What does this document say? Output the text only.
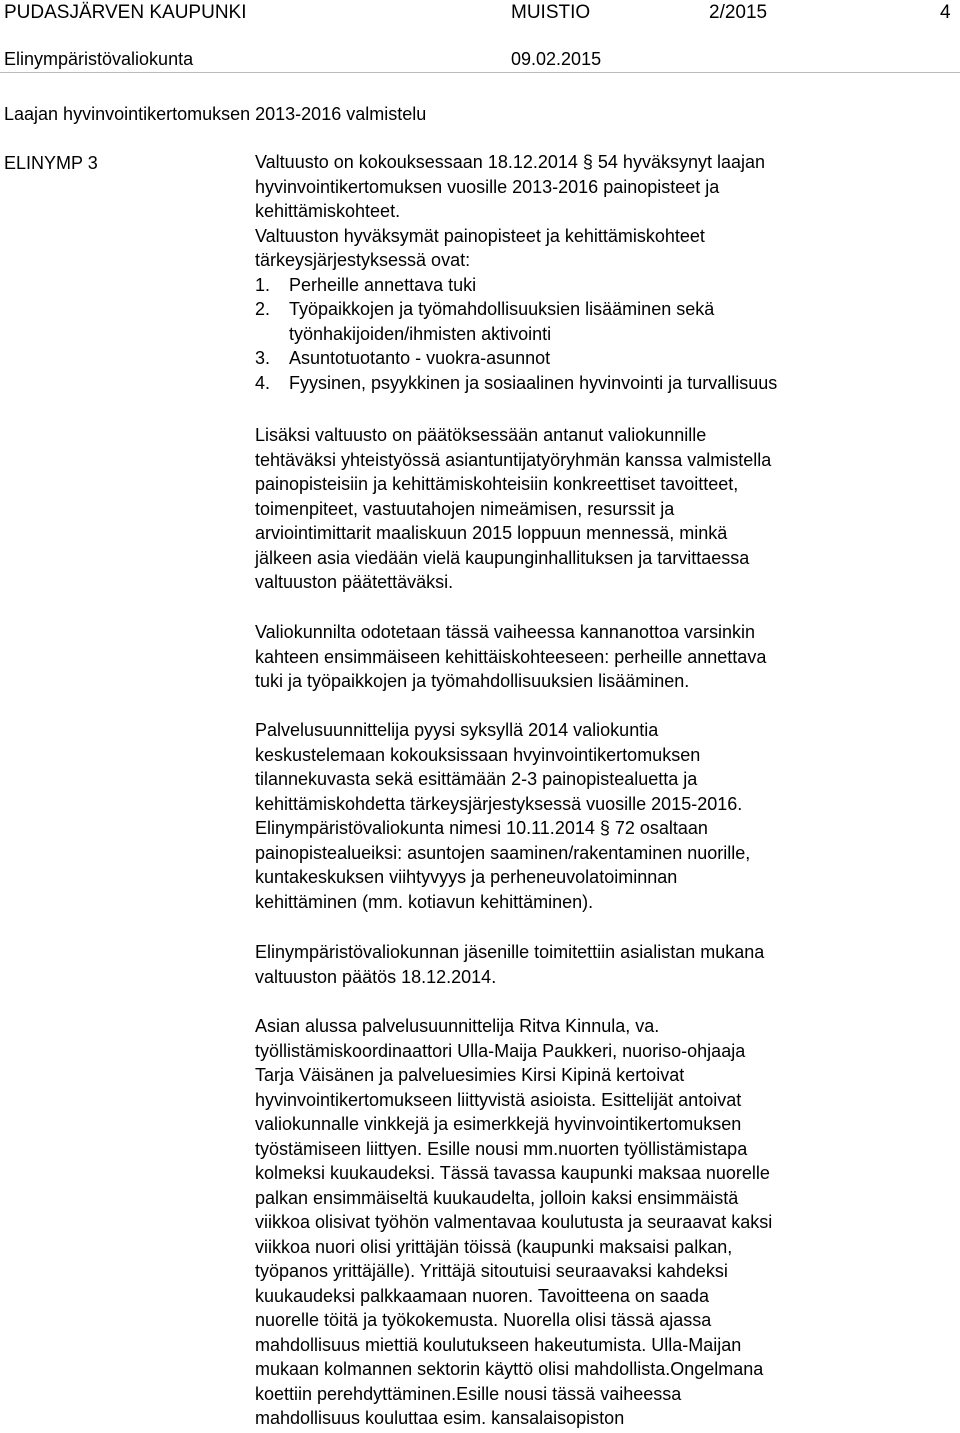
PUDASJÄRVEN KAUPUNKI	MUISTIO	2/2015	4
Elinympäristövaliokunta	09.02.2015
Laajan hyvinvointikertomuksen 2013-2016 valmistelu
ELINYMP 3	Valtuusto on kokouksessaan 18.12.2014 § 54 hyväksynyt laajan
hyvinvointikertomuksen vuosille 2013-2016 painopisteet ja
kehittämiskohteet.
Valtuuston hyväksymät painopisteet ja kehittämiskohteet
tärkeysjärjestyksessä ovat:
1. Perheille annettava tuki
2. Työpaikkojen ja työmahdollisuuksien lisääminen sekä
työnhakijoiden/ihmisten aktivointi
3. Asuntotuotanto - vuokra-asunnot
4. Fyysinen, psyykkinen ja sosiaalinen hyvinvointi ja turvallisuus
Lisäksi valtuusto on päätöksessään antanut valiokunnille
tehtäväksi yhteistyössä asiantuntijatyöryhmän kanssa valmistella
painopisteisiin ja kehittämiskohteisiin konkreettiset tavoitteet,
toimenpiteet, vastuutahojen nimeämisen, resurssit ja
arviointimittarit maaliskuun 2015 loppuun mennessä, minkä
jälkeen asia viedään vielä kaupunginhallituksen ja tarvittaessa
valtuuston päätettäväksi.
Valiokunnilta odotetaan tässä vaiheessa kannanottoa varsinkin
kahteen ensimmäiseen kehittäiskohteeseen: perheille annettava
tuki ja työpaikkojen ja työmahdollisuuksien lisääminen.
Palvelusuunnittelija pyysi syksyllä 2014 valiokuntia
keskustelemaan kokouksissaan hvyinvointikertomuksen
tilannekuvasta sekä esittämään 2-3 painopistealuetta ja
kehittämiskohdetta tärkeysjärjestyksessä vuosille 2015-2016.
Elinympäristövaliokunta nimesi 10.11.2014 § 72 osaltaan
painopistealueiksi: asuntojen saaminen/rakentaminen nuorille,
kuntakeskuksen viihtyvyys ja perheneuvolatoiminnan
kehittäminen (mm. kotiavun kehittäminen).
Elinympäristövaliokunnan jäsenille toimitettiin asialistan mukana
valtuuston päätös 18.12.2014.
Asian alussa palvelusuunnittelija Ritva Kinnula, va.
työllistämiskoordinaattori Ulla-Maija Paukkeri, nuoriso-ohjaaja
Tarja Väisänen ja palveluesimies Kirsi Kipinä kertoivat
hyvinvointikertomukseen liittyvistä asioista. Esittelijät antoivat
valiokunnalle vinkkejä ja esimerkkejä hyvinvointikertomuksen
työstämiseen liittyen. Esille nousi mm.nuorten työllistämistapa
kolmeksi kuukaudeksi. Tässä tavassa kaupunki maksaa nuorelle
palkan ensimmäiseltä kuukaudelta, jolloin kaksi ensimmäistä
viikkoa olisivat työhön valmentavaa koulutusta ja seuraavat kaksi
viikkoa nuori olisi yrittäjän töissä (kaupunki maksaisi palkan,
työpanos yrittäjälle). Yrittäjä sitoutuisi seuraavaksi kahdeksi
kuukaudeksi palkkaamaan nuoren. Tavoitteena on saada
nuorelle töitä ja työkokemusta. Nuorella olisi tässä ajassa
mahdollisuus miettiä koulutukseen hakeutumista. Ulla-Maijan
mukaan kolmannen sektorin käyttö olisi mahdollista.Ongelmana
koettiin perehdyttäminen.Esille nousi tässä vaiheessa
mahdollisuus kouluttaa esim. kansalaisopiston
